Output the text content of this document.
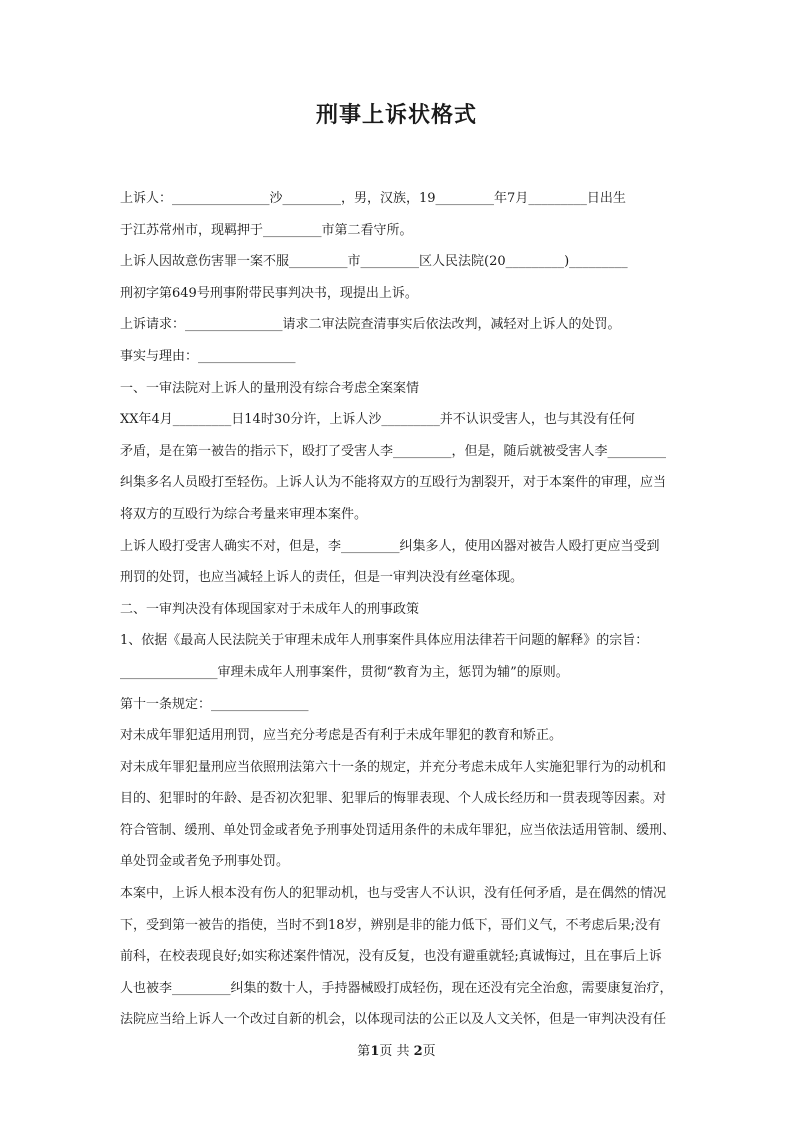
刑事上诉状格式

上诉人：_______________沙_________，男，汉族，19_________年7月_________日出生

于江苏常州市，现羁押于_________市第二看守所。

上诉人因故意伤害罪一案不服_________市_________区人民法院(20_________)_________

刑初字第649号刑事附带民事判决书，现提出上诉。

上诉请求：_______________请求二审法院查清事实后依法改判，减轻对上诉人的处罚。

事实与理由：_______________

一、一审法院对上诉人的量刑没有综合考虑全案案情

XX年4月_________日14时30分许，上诉人沙_________并不认识受害人，也与其没有任何

矛盾，是在第一被告的指示下，殴打了受害人李_________，但是，随后就被受害人李_________

纠集多名人员殴打至轻伤。上诉人认为不能将双方的互殴行为割裂开，对于本案件的审理，应当

将双方的互殴行为综合考量来审理本案件。

上诉人殴打受害人确实不对，但是，李_________纠集多人，使用凶器对被告人殴打更应当受到

刑罚的处罚，也应当减轻上诉人的责任，但是一审判决没有丝毫体现。

二、一审判决没有体现国家对于未成年人的刑事政策

1、依据《最高人民法院关于审理未成年人刑事案件具体应用法律若干问题的解释》的宗旨：

_______________审理未成年人刑事案件，贯彻“教育为主，惩罚为辅”的原则。

第十一条规定：_______________

对未成年罪犯适用刑罚，应当充分考虑是否有利于未成年罪犯的教育和矫正。

对未成年罪犯量刑应当依照刑法第六十一条的规定，并充分考虑未成年人实施犯罪行为的动机和

目的、犯罪时的年龄、是否初次犯罪、犯罪后的悔罪表现、个人成长经历和一贯表现等因素。对

符合管制、缓刑、单处罚金或者免予刑事处罚适用条件的未成年罪犯，应当依法适用管制、缓刑、

单处罚金或者免予刑事处罚。

本案中，上诉人根本没有伤人的犯罪动机，也与受害人不认识，没有任何矛盾，是在偶然的情况

下，受到第一被告的指使，当时不到18岁，辨别是非的能力低下，哥们义气，不考虑后果;没有

前科，在校表现良好;如实称述案件情况，没有反复，也没有避重就轻;真诚悔过，且在事后上诉

人也被李_________纠集的数十人，手持器械殴打成轻伤，现在还没有完全治愈，需要康复治疗，

法院应当给上诉人一个改过自新的机会，以体现司法的公正以及人文关怀，但是一审判决没有任

第1页 共 2页
